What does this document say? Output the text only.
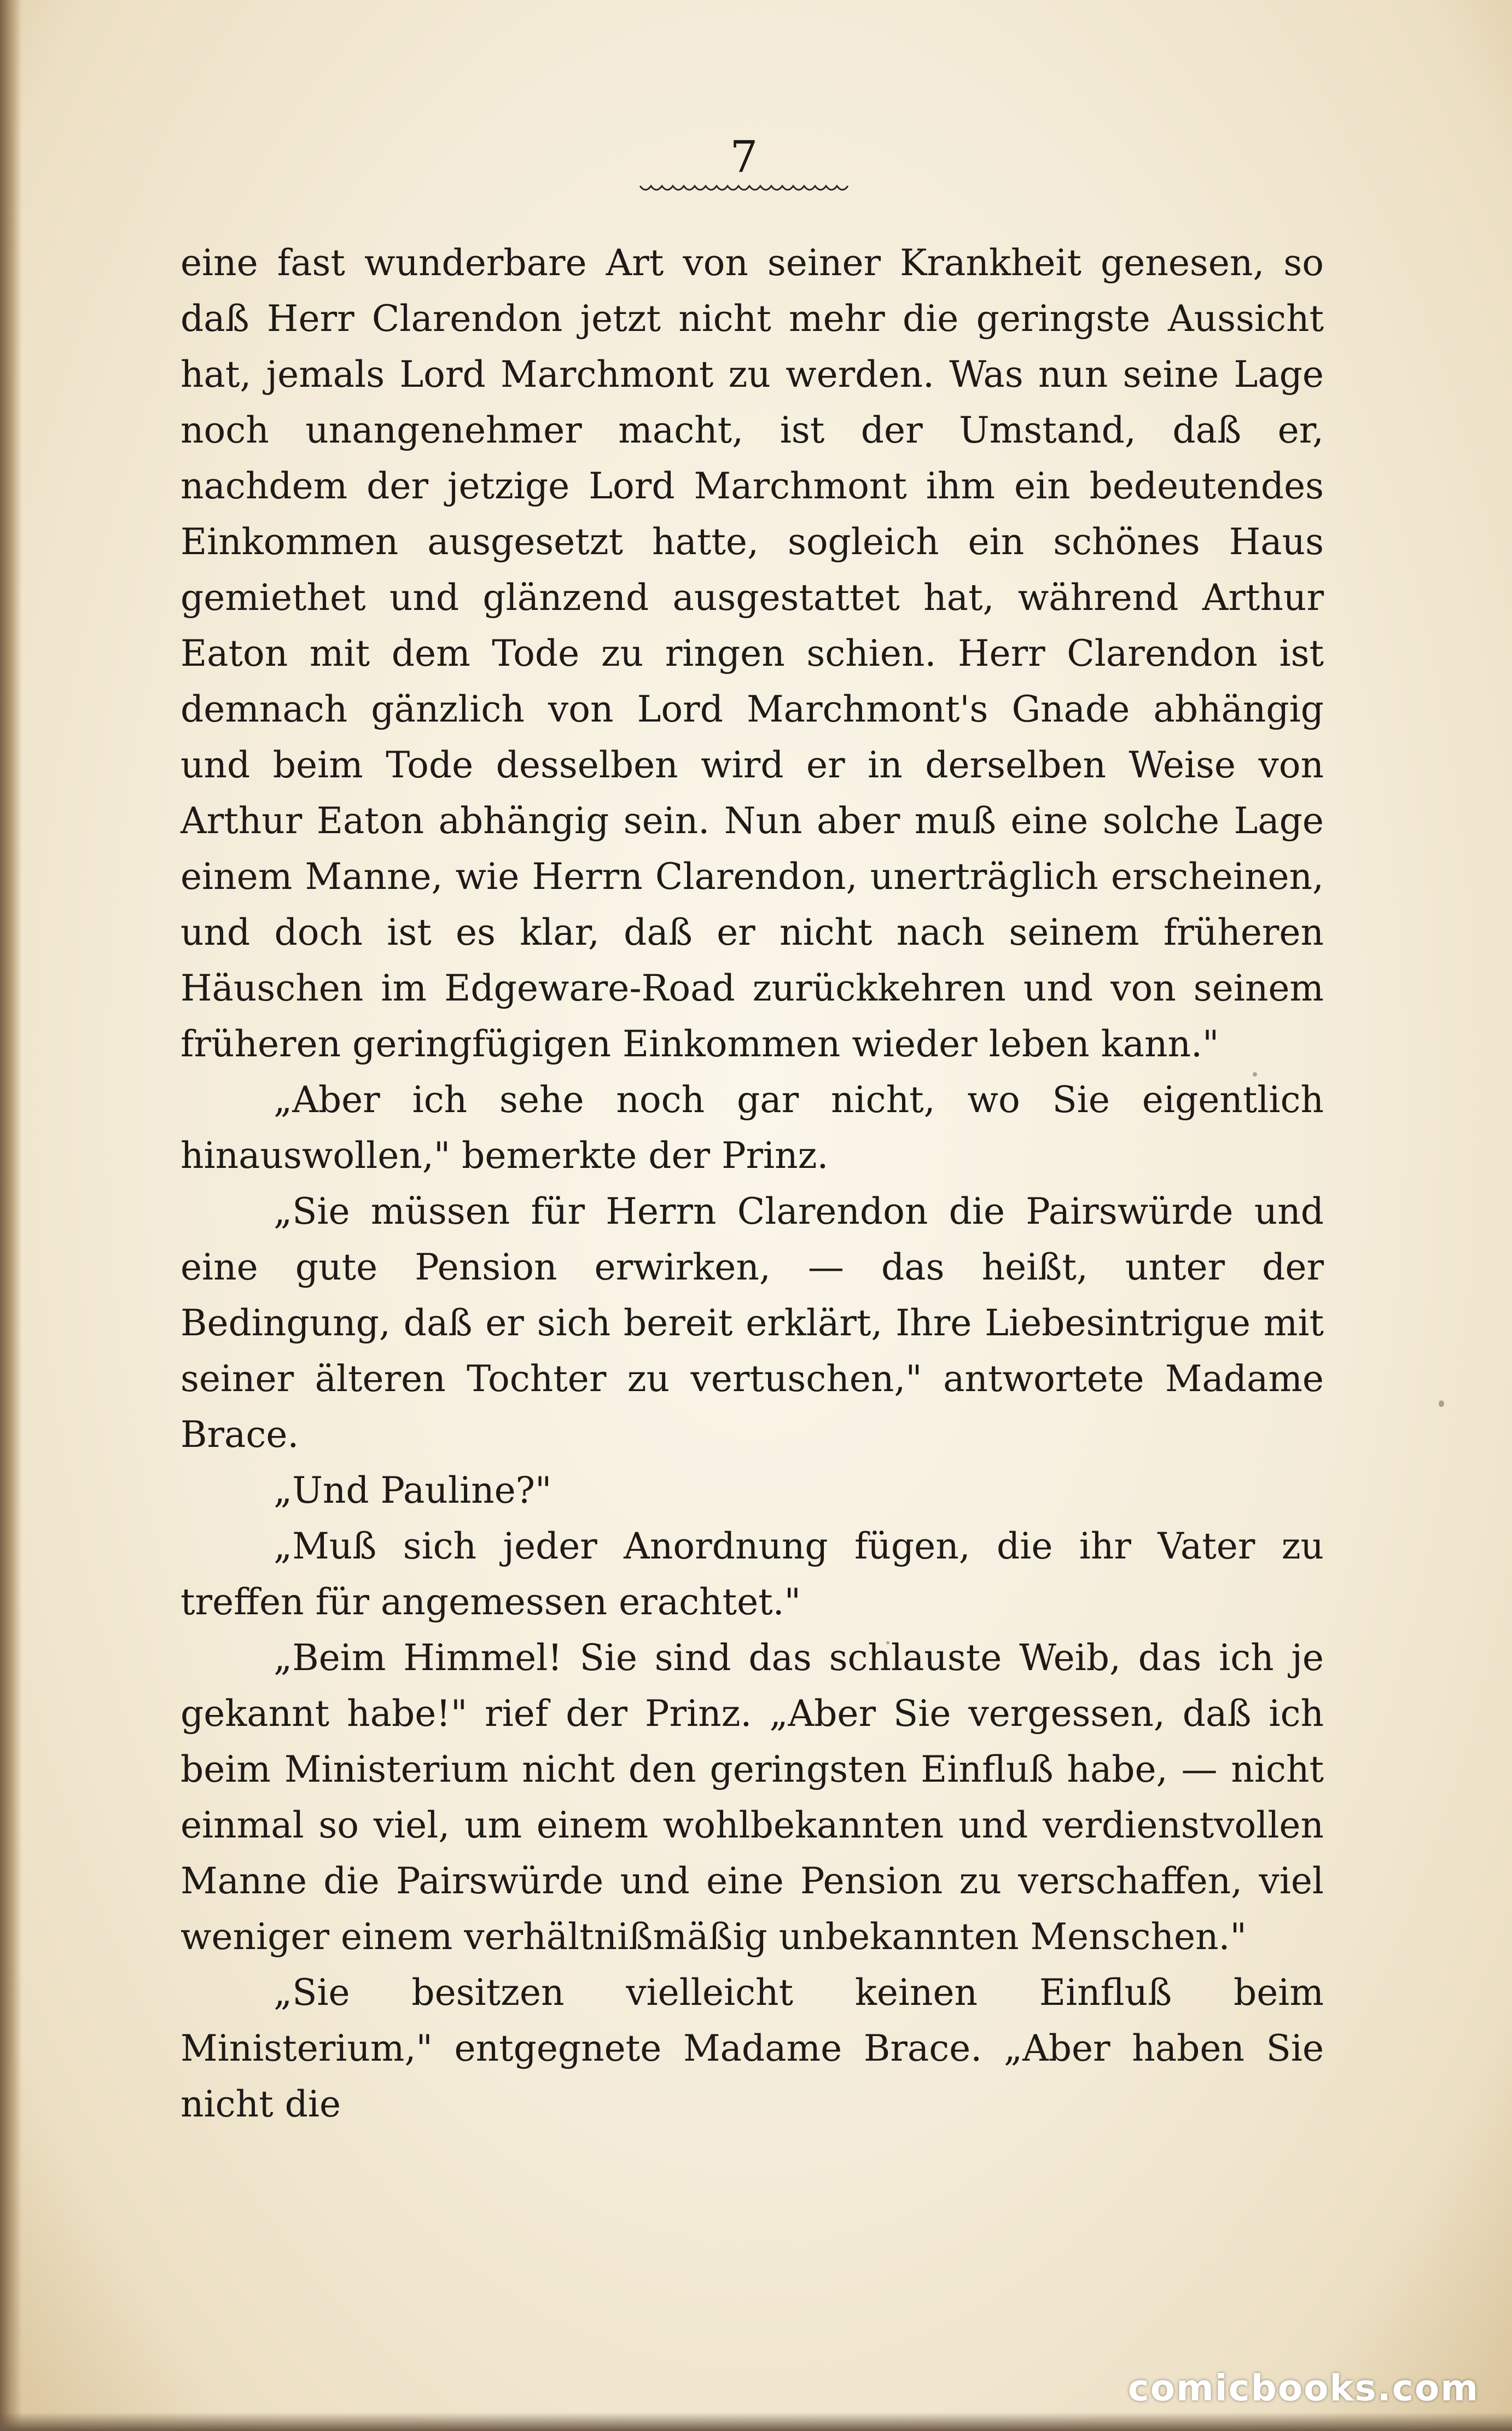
7

eine fast wunderbare Art von seiner Krankheit genesen, so daß Herr Clarendon jetzt nicht mehr die geringste Aussicht hat, jemals Lord Marchmont zu werden. Was nun seine Lage noch unangenehmer macht, ist der Umstand, daß er, nachdem der jetzige Lord Marchmont ihm ein bedeutendes Einkommen ausgesetzt hatte, sogleich ein schönes Haus gemiethet und glänzend ausgestattet hat, während Arthur Eaton mit dem Tode zu ringen schien. Herr Clarendon ist demnach gänzlich von Lord Marchmont's Gnade abhängig und beim Tode desselben wird er in derselben Weise von Arthur Eaton abhängig sein. Nun aber muß eine solche Lage einem Manne, wie Herrn Clarendon, unerträglich erscheinen, und doch ist es klar, daß er nicht nach seinem früheren Häuschen im Edgeware-Road zurückkehren und von seinem früheren geringfügigen Einkommen wieder leben kann."

„Aber ich sehe noch gar nicht, wo Sie eigentlich hinauswollen," bemerkte der Prinz.

„Sie müssen für Herrn Clarendon die Pairswürde und eine gute Pension erwirken, — das heißt, unter der Bedingung, daß er sich bereit erklärt, Ihre Liebesintrigue mit seiner älteren Tochter zu vertuschen," antwortete Madame Brace.

„Und Pauline?"

„Muß sich jeder Anordnung fügen, die ihr Vater zu treffen für angemessen erachtet."

„Beim Himmel! Sie sind das schlauste Weib, das ich je gekannt habe!" rief der Prinz. „Aber Sie vergessen, daß ich beim Ministerium nicht den geringsten Einfluß habe, — nicht einmal so viel, um einem wohlbekannten und verdienstvollen Manne die Pairswürde und eine Pension zu verschaffen, viel weniger einem verhältnißmäßig unbekannten Menschen."

„Sie besitzen vielleicht keinen Einfluß beim Ministerium," entgegnete Madame Brace. „Aber haben Sie nicht die

comicbooks.com
